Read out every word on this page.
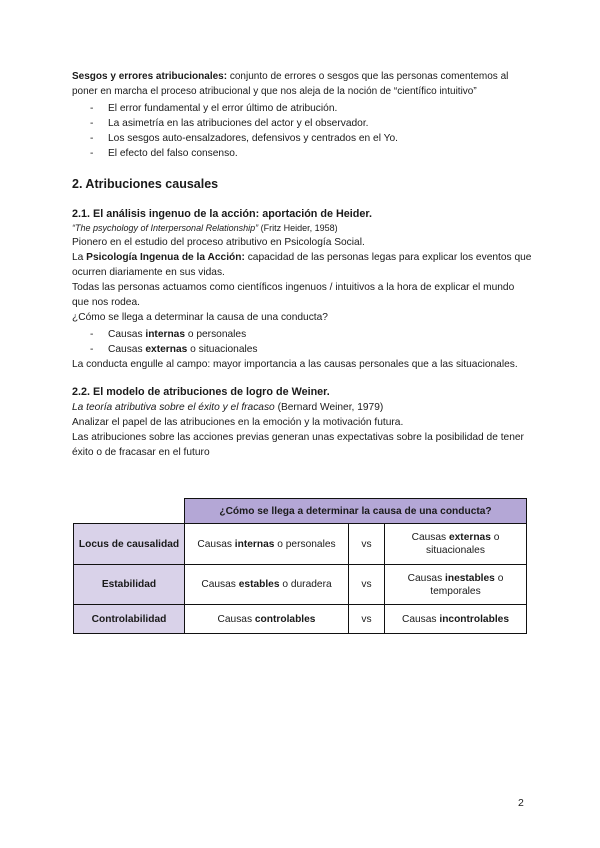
Sesgos y errores atribucionales: conjunto de errores o sesgos que las personas comentemos al poner en marcha el proceso atribucional y que nos aleja de la noción de “científico intuitivo”

- El error fundamental y el error último de atribución.
- La asimetría en las atribuciones del actor y el observador.
- Los sesgos auto-ensalzadores, defensivos y centrados en el Yo.
- El efecto del falso consenso.
2. Atribuciones causales
2.1. El análisis ingenuo de la acción: aportación de Heider.

“The psychology of Interpersonal Relationship” (Fritz Heider, 1958)

Pionero en el estudio del proceso atributivo en Psicología Social.

La Psicología Ingenua de la Acción: capacidad de las personas legas para explicar los eventos que ocurren diariamente en sus vidas.

Todas las personas actuamos como científicos ingenuos / intuitivos a la hora de explicar el mundo que nos rodea.

¿Cómo se llega a determinar la causa de una conducta?

- Causas internas o personales
- Causas externas o situacionales

La conducta engulle al campo: mayor importancia a las causas personales que a las situacionales.

2.2. El modelo de atribuciones de logro de Weiner.

La teoría atributiva sobre el éxito y el fracaso (Bernard Weiner, 1979)

Analizar el papel de las atribuciones en la emoción y la motivación futura.

Las atribuciones sobre las acciones previas generan unas expectativas sobre la posibilidad de tener éxito o de fracasar en el futuro

	¿Cómo se llega a determinar la causa de una conducta?		
Locus de causalidad	Causas internas o personales	vs	Causas externas o situacionales
Estabilidad	Causas estables o duradera	vs	Causas inestables o temporales
Controlabilidad	Causas controlables	vs	Causas incontrolables
2
